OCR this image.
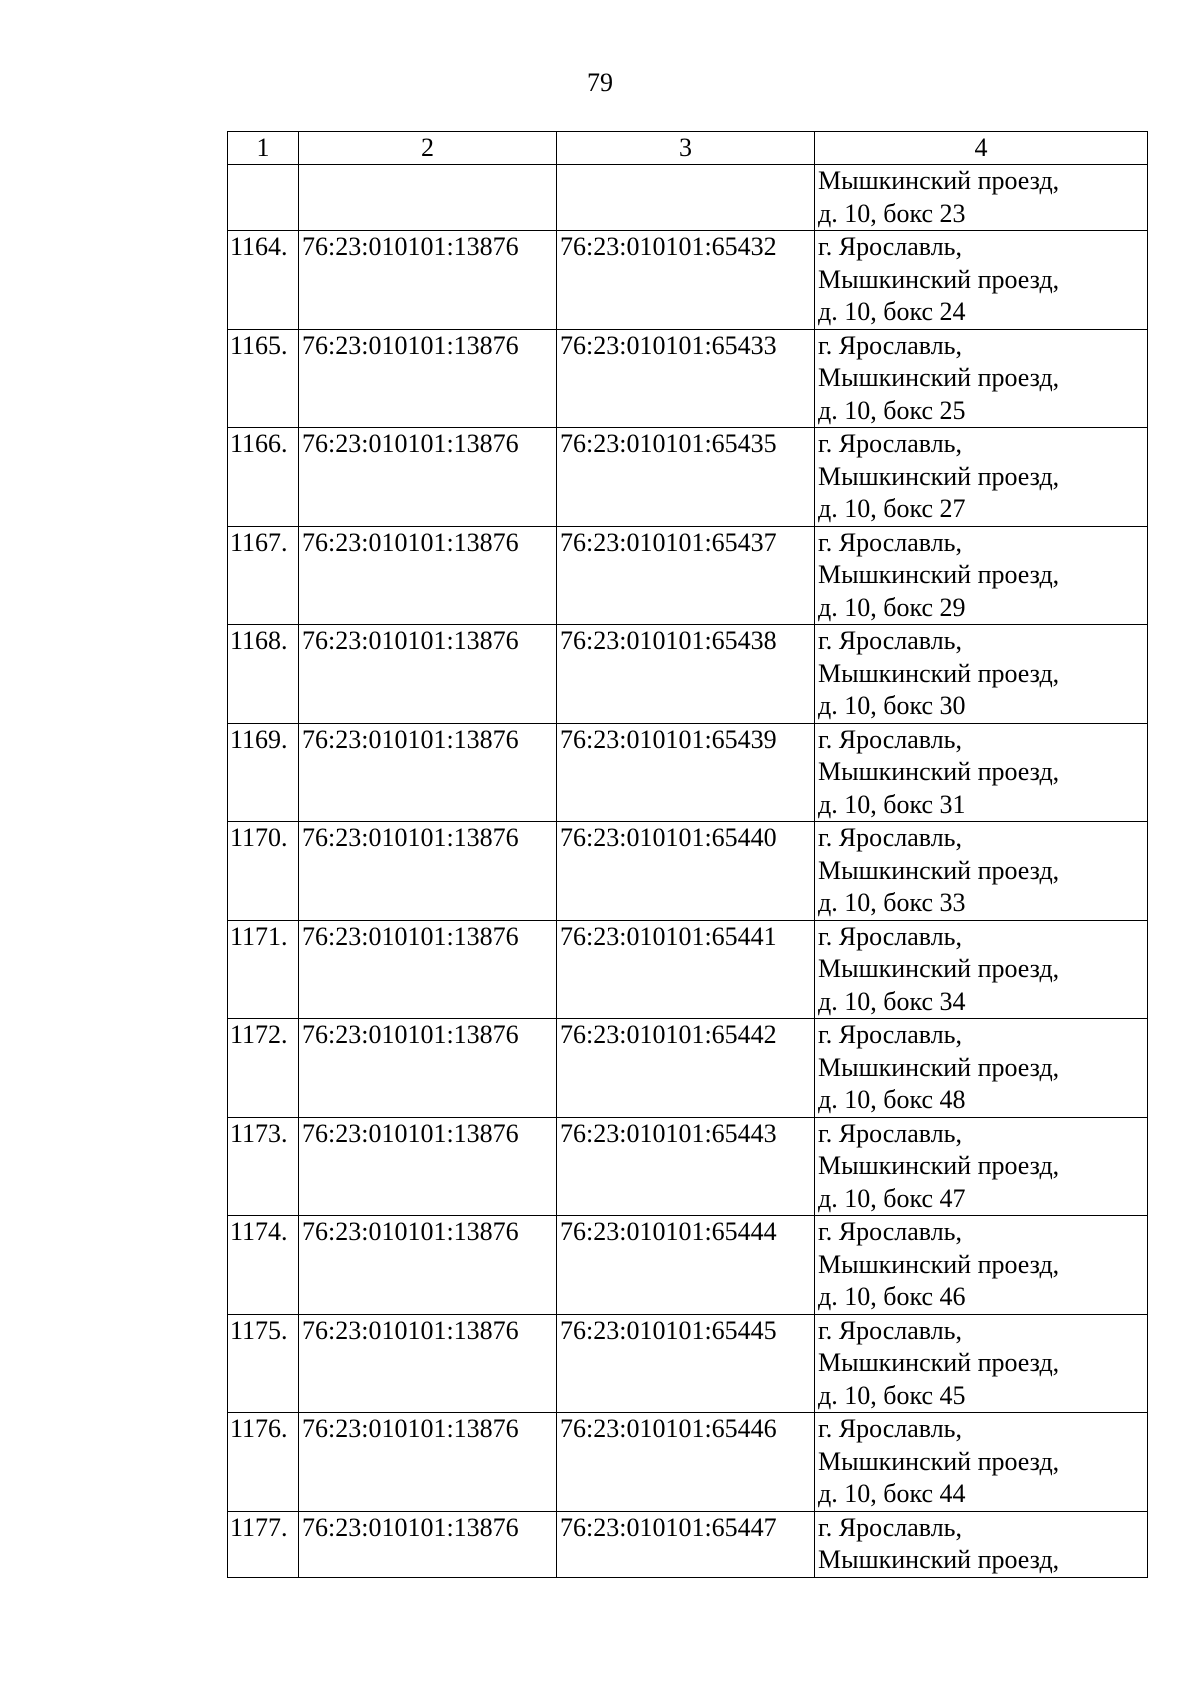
79
1	2	3	4

			Мышкинский проезд,
д. 10, бокс 23

1164.	76:23:010101:13876	76:23:010101:65432	г. Ярославль,
Мышкинский проезд,
д. 10, бокс 24

1165.	76:23:010101:13876	76:23:010101:65433	г. Ярославль,
Мышкинский проезд,
д. 10, бокс 25

1166.	76:23:010101:13876	76:23:010101:65435	г. Ярославль,
Мышкинский проезд,
д. 10, бокс 27

1167.	76:23:010101:13876	76:23:010101:65437	г. Ярославль,
Мышкинский проезд,
д. 10, бокс 29

1168.	76:23:010101:13876	76:23:010101:65438	г. Ярославль,
Мышкинский проезд,
д. 10, бокс 30

1169.	76:23:010101:13876	76:23:010101:65439	г. Ярославль,
Мышкинский проезд,
д. 10, бокс 31

1170.	76:23:010101:13876	76:23:010101:65440	г. Ярославль,
Мышкинский проезд,
д. 10, бокс 33

1171.	76:23:010101:13876	76:23:010101:65441	г. Ярославль,
Мышкинский проезд,
д. 10, бокс 34

1172.	76:23:010101:13876	76:23:010101:65442	г. Ярославль,
Мышкинский проезд,
д. 10, бокс 48

1173.	76:23:010101:13876	76:23:010101:65443	г. Ярославль,
Мышкинский проезд,
д. 10, бокс 47

1174.	76:23:010101:13876	76:23:010101:65444	г. Ярославль,
Мышкинский проезд,
д. 10, бокс 46

1175.	76:23:010101:13876	76:23:010101:65445	г. Ярославль,
Мышкинский проезд,
д. 10, бокс 45

1176.	76:23:010101:13876	76:23:010101:65446	г. Ярославль,
Мышкинский проезд,
д. 10, бокс 44

1177.	76:23:010101:13876	76:23:010101:65447	г. Ярославль,
Мышкинский проезд,
